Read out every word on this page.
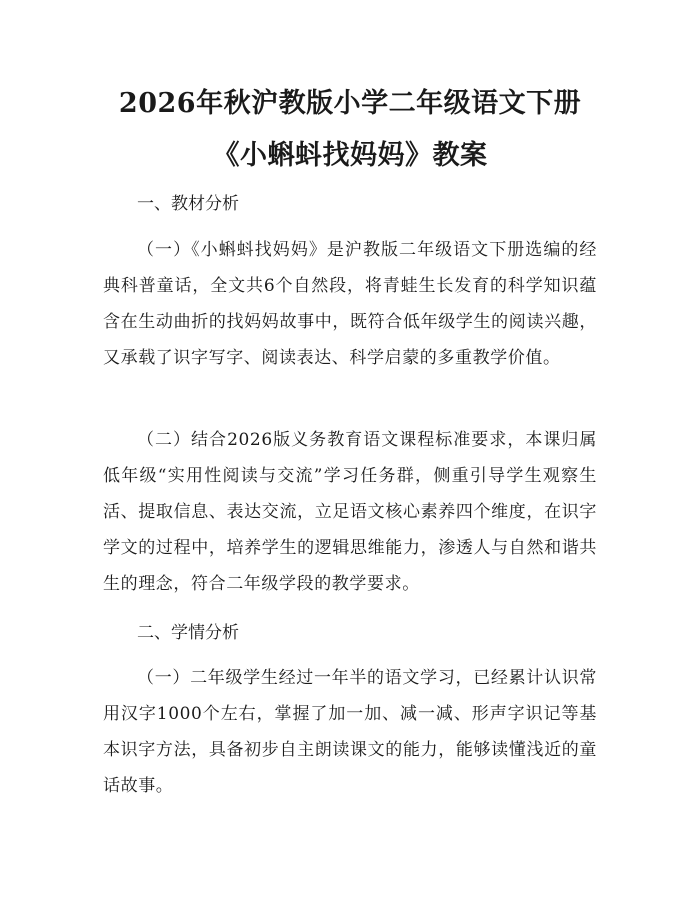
2026年秋沪教版小学二年级语文下册《小蝌蚪找妈妈》教案

一、教材分析

（一）《小蝌蚪找妈妈》是沪教版二年级语文下册选编的经典科普童话，全文共6个自然段，将青蛙生长发育的科学知识蕴含在生动曲折的找妈妈故事中，既符合低年级学生的阅读兴趣，又承载了识字写字、阅读表达、科学启蒙的多重教学价值。

（二）结合2026版义务教育语文课程标准要求，本课归属低年级“实用性阅读与交流”学习任务群，侧重引导学生观察生活、提取信息、表达交流，立足语文核心素养四个维度，在识字学文的过程中，培养学生的逻辑思维能力，渗透人与自然和谐共生的理念，符合二年级学段的教学要求。

二、学情分析

（一）二年级学生经过一年半的语文学习，已经累计认识常用汉字1000个左右，掌握了加一加、减一减、形声字识记等基本识字方法，具备初步自主朗读课文的能力，能够读懂浅近的童话故事。
